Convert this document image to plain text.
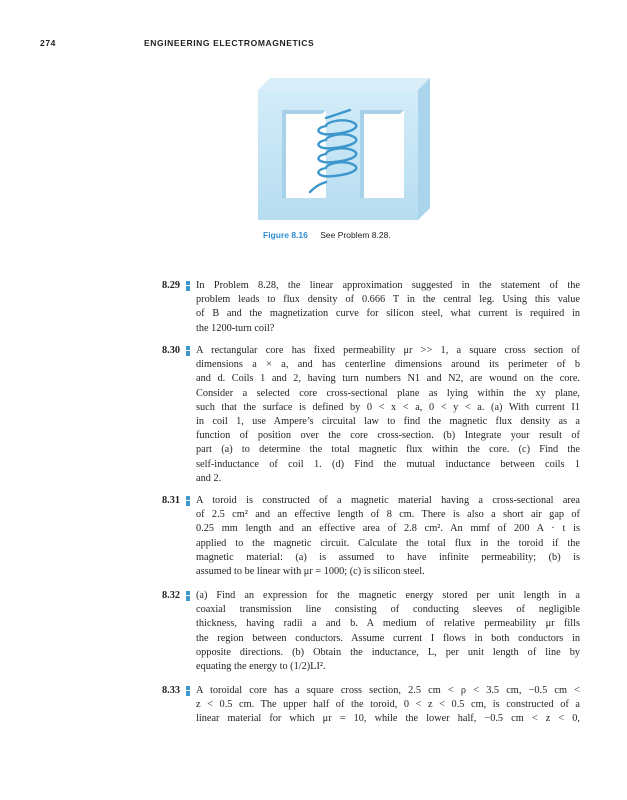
274	ENGINEERING ELECTROMAGNETICS
Figure 8.16 See Problem 8.28.
8.29 In Problem 8.28, the linear approximation suggested in the statement of the
problem leads to flux density of 0.666 T in the central leg. Using this value
of B and the magnetization curve for silicon steel, what current is required in
the 1200-turn coil?
8.30 A rectangular core has fixed permeability μr >> 1, a square cross section of
dimensions a × a, and has centerline dimensions around its perimeter of b
and d. Coils 1 and 2, having turn numbers N1 and N2, are wound on the core.
Consider a selected core cross-sectional plane as lying within the xy plane,
such that the surface is defined by 0 < x < a, 0 < y < a. (a) With current I1
in coil 1, use Ampere’s circuital law to find the magnetic flux density as a
function of position over the core cross-section. (b) Integrate your result of
part (a) to determine the total magnetic flux within the core. (c) Find the
self-inductance of coil 1. (d) Find the mutual inductance between coils 1
and 2.
8.31 A toroid is constructed of a magnetic material having a cross-sectional area
of 2.5 cm² and an effective length of 8 cm. There is also a short air gap of
0.25 mm length and an effective area of 2.8 cm². An mmf of 200 A · t is
applied to the magnetic circuit. Calculate the total flux in the toroid if the
magnetic material: (a) is assumed to have infinite permeability; (b) is
assumed to be linear with μr = 1000; (c) is silicon steel.
8.32 (a) Find an expression for the magnetic energy stored per unit length in a
coaxial transmission line consisting of conducting sleeves of negligible
thickness, having radii a and b. A medium of relative permeability μr fills
the region between conductors. Assume current I flows in both conductors in
opposite directions. (b) Obtain the inductance, L, per unit length of line by
equating the energy to (1/2)LI².
8.33 A toroidal core has a square cross section, 2.5 cm < ρ < 3.5 cm, −0.5 cm <
z < 0.5 cm. The upper half of the toroid, 0 < z < 0.5 cm, is constructed of a
linear material for which μr = 10, while the lower half, −0.5 cm < z < 0,
